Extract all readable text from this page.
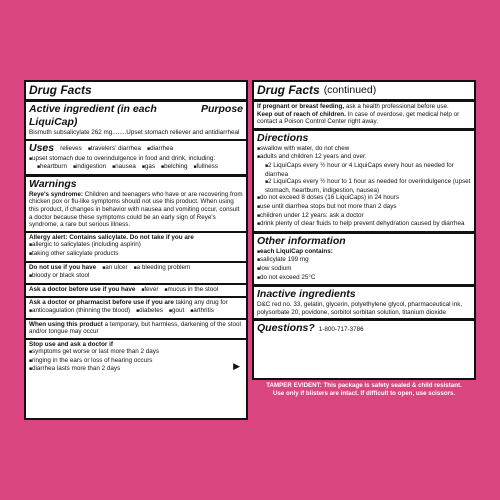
Drug Facts
Active ingredient (in each LiquiCap)
Purpose
Bismuth subsalicylate 262 mg........Upset stomach reliever and antidiarrheal
Uses relieves	■ travelers' diarrhea	■ diarrhea
■ upset stomach due to overindulgence in food and drink, including:
■ heartburn	■ indigestion	■ nausea	■ gas	■ belching	■ fullness
Warnings
Reye's syndrome: Children and teenagers who have or are recovering from chicken pox or flu-like symptoms should not use this product. When using this product, if changes in behavior with nausea and vomiting occur, consult a doctor because these symptoms could be an early sign of Reye's syndrome, a rare but serious illness.
Allergy alert: Contains salicylate. Do not take if you are
■ allergic to salicylates (including aspirin)
■ taking other salicylate products
Do not use if you have	■ an ulcer	■ a bleeding problem
■ bloody or black stool
Ask a doctor before use if you have	■ fever	■ mucus in the stool
Ask a doctor or pharmacist before use if you are taking any drug for
■ anticoagulation (thinning the blood)	■ diabetes	■ gout	■ arthritis
When using this product a temporary, but harmless, darkening of the stool and/or tongue may occur
Stop use and ask a doctor if
■ symptoms get worse or last more than 2 days
■ ringing in the ears or loss of hearing occurs
■ diarrhea lasts more than 2 days	▶
Drug Facts (continued)
If pregnant or breast feeding, ask a health professional before use.
Keep out of reach of children. In case of overdose, get medical help or contact a Poison Control Center right away.
Directions
■ swallow with water, do not chew
■ adults and children 12 years and over:
■ 2 LiquiCaps every ½ hour or 4 LiquiCaps every hour as needed for diarrhea
■ 2 LiquiCaps every ½ hour to 1 hour as needed for overindulgence (upset stomach, heartburn, indigestion, nausea)
■ do not exceed 8 doses (16 LiquiCaps) in 24 hours
■ use until diarrhea stops but not more than 2 days
■ children under 12 years: ask a doctor
■ drink plenty of clear fluids to help prevent dehydration caused by diarrhea
Other information
■ each LiquiCap contains:
■ salicylate 199 mg
■ low sodium
■ do not exceed 25°C
Inactive ingredients
D&C red no. 33, gelatin, glycerin, polyethylene glycol, pharmaceutical ink, polysorbate 20, povidone, sorbitol sorbitan solution, titanium dioxide
Questions? 1-800-717-3786
TAMPER EVIDENT: This package is safety sealed & child resistant.
Use only if blisters are intact. If difficult to open, use scissors.
